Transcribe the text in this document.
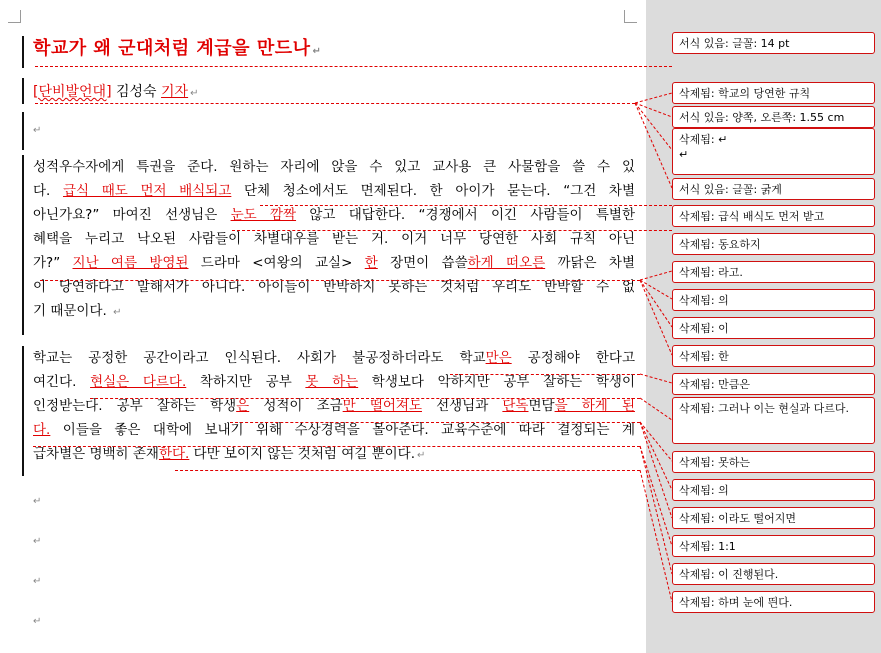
학교가 왜 군대처럼 계급을 만드나 ↵
[단비발언대] 김성숙 기자 ↵
↵
성적우수자에게 특권을 준다. 원하는 자리에 앉을 수 있고 교사용 큰 사물함을 쓸 수 있
다. 급식 때도 먼저 배식되고 단체 청소에서도 면제된다. 한 아이가 묻는다. “그건 차별
아닌가요?” 마여진 선생님은 눈도 깜짝 않고 대답한다. “경쟁에서 이긴 사람들이 특별한
혜택을 누리고 낙오된 사람들이 차별대우를 받는 거. 이거 너무 당연한 사회 규칙 아닌
가?” 지난 여름 방영된 드라마 <여왕의 교실> 한 장면이 씁쓸하게 떠오른 까닭은 차별
이 당연하다고 말해서가 아니다. 아이들이 반박하지 못하는 것처럼 우리도 반박할 수 없
기 때문이다. ↵
학교는 공정한 공간이라고 인식된다. 사회가 불공정하더라도 학교만은 공정해야 한다고
여긴다. 현실은 다르다. 착하지만 공부 못 하는 학생보다 악하지만 공부 잘하는 학생이
인정받는다. 공부 잘하는 학생은 성적이 조금만 떨어져도 선생님과 단독면담을 하게 된
다. 이들을 좋은 대학에 보내기 위해 수상경력을 몰아준다. 교육수준에 따라 결정되는 계
급차별은 명백히 존재한다. 다만 보이지 않는 것처럼 여길 뿐이다. ↵
↵
↵
↵
↵
서식 있음: 글꼴: 14 pt
삭제됨: 학교의 당연한 규칙
서식 있음: 양쪽, 오른쪽: 1.55 cm
삭제됨: ↵
↵
서식 있음: 글꼴: 굵게
삭제됨: 급식 배식도 먼저 받고
삭제됨: 동요하지
삭제됨: 라고.
삭제됨: 의
삭제됨: 이
삭제됨: 한
삭제됨: 만큼은
삭제됨: 그러나 이는 현실과 다르다.
삭제됨: 못하는
삭제됨: 의
삭제됨: 이라도 떨어지면
삭제됨: 1:1
삭제됨: 이 진행된다.
삭제됨: 하며 눈에 띈다.
